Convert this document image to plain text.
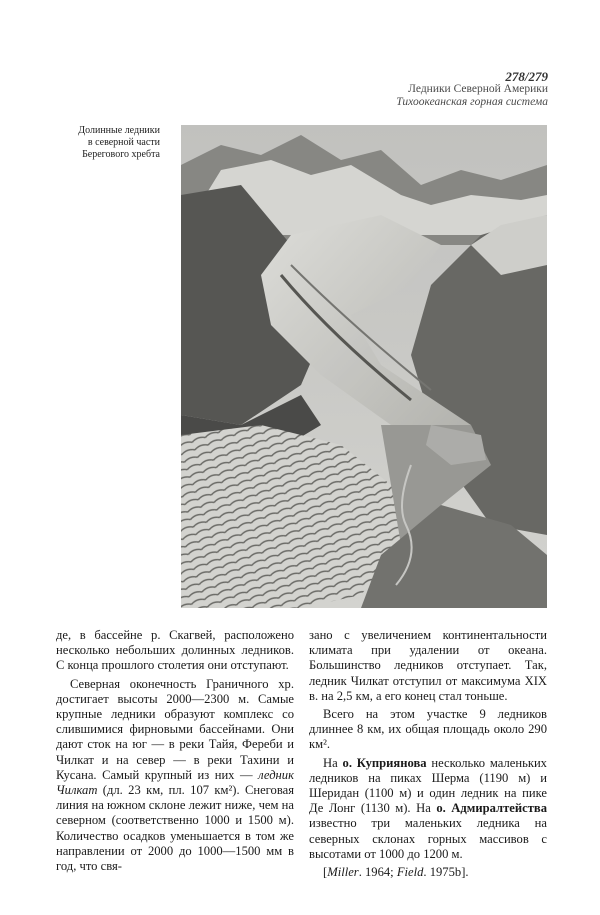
278/279
Ледники Северной Америки
Тихоокеанская горная система
Долинные ледники
в северной части
Берегового хребта

де, в бассейне р. Скагвей, расположено несколько небольших долинных ледников. С конца прошлого столетия они отступают.

Северная оконечность Граничного хр. достигает высоты 2000—2300 м. Самые крупные ледники образуют комплекс со слившимися фирновыми бассейнами. Они дают сток на юг — в реки Тайя, Фереби и Чилкат и на север — в реки Тахини и Кусана. Самый крупный из них — ледник Чилкат (дл. 23 км, пл. 107 км²). Снеговая линия на южном склоне лежит ниже, чем на северном (соответственно 1000 и 1500 м). Количество осадков уменьшается в том же направлении от 2000 до 1000—1500 мм в год, что свя-

зано с увеличением континентальности климата при удалении от океана. Большинство ледников отступает. Так, ледник Чилкат отступил от максимума XIX в. на 2,5 км, а его конец стал тоньше.

Всего на этом участке 9 ледников длиннее 8 км, их общая площадь около 290 км².

На о. Куприянова несколько маленьких ледников на пиках Шерма (1190 м) и Шеридан (1100 м) и один ледник на пике Де Лонг (1130 м). На о. Адмиралтейства известно три маленьких ледника на северных склонах горных массивов с высотами от 1000 до 1200 м.

[Miller. 1964; Field. 1975b].
